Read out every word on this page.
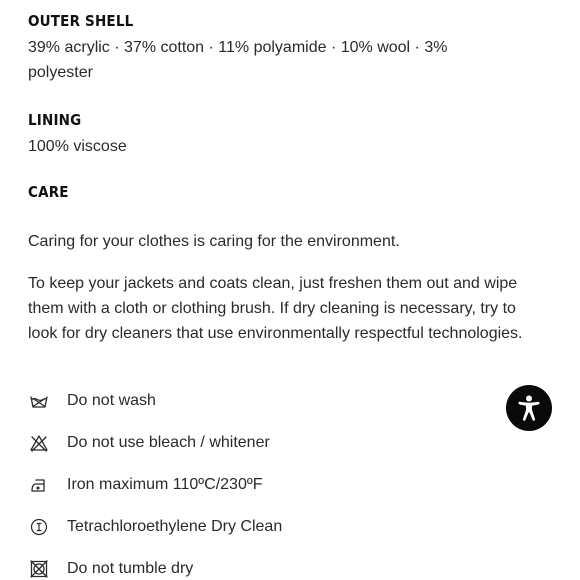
OUTER SHELL

39% acrylic · 37% cotton · 11% polyamide · 10% wool · 3% polyester

LINING

100% viscose

CARE

Caring for your clothes is caring for the environment.

To keep your jackets and coats clean, just freshen them out and wipe them with a cloth or clothing brush. If dry cleaning is necessary, try to look for dry cleaners that use environmentally respectful technologies.

Do not wash
Do not use bleach / whitener
Iron maximum 110ºC/230ºF
Tetrachloroethylene Dry Clean
Do not tumble dry
